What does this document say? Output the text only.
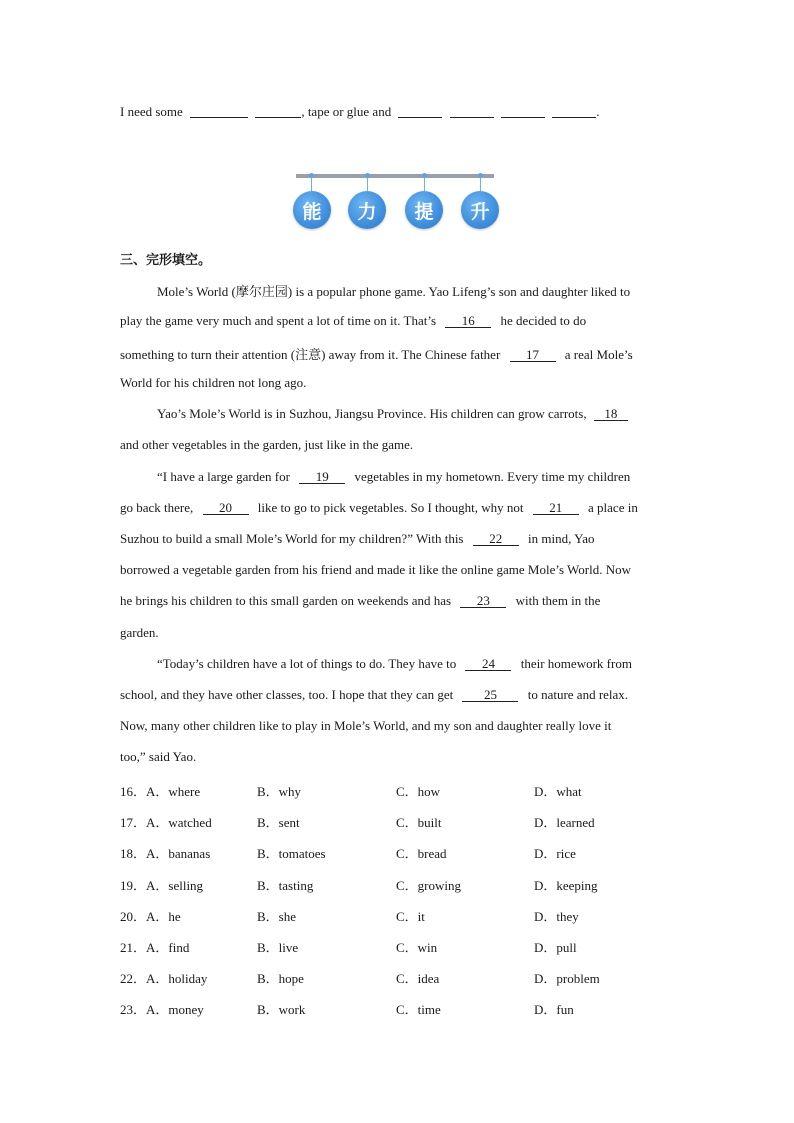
I need some	, tape or glue and	.
能	力	提	升
三、完形填空。
Mole’s World (摩尔庄园) is a popular phone game. Yao Lifeng’s son and daughter liked to
play the game very much and spent a lot of time on it. That’s 16 he decided to do
something to turn their attention (注意) away from it. The Chinese father 17 a real Mole’s
World for his children not long ago.
Yao’s Mole’s World is in Suzhou, Jiangsu Province. His children can grow carrots, 18
and other vegetables in the garden, just like in the game.
“I have a large garden for 19 vegetables in my hometown. Every time my children
go back there, 20 like to go to pick vegetables. So I thought, why not 21 a place in
Suzhou to build a small Mole’s World for my children?” With this 22 in mind, Yao
borrowed a vegetable garden from his friend and made it like the online game Mole’s World. Now
he brings his children to this small garden on weekends and has 23 with them in the
garden.
“Today’s children have a lot of things to do. They have to 24 their homework from
school, and they have other classes, too. I hope that they can get 25 to nature and relax.
Now, many other children like to play in Mole’s World, and my son and daughter really love it
too,” said Yao.
16． A．where	B．why	C．how	D．what
17． A．watched	B．sent	C．built	D．learned
18． A．bananas	B．tomatoes	C．bread	D．rice
19． A．selling	B．tasting	C．growing	D．keeping
20． A．he	B．she	C．it	D．they
21． A．find	B．live	C．win	D．pull
22． A．holiday	B．hope	C．idea	D．problem
23． A．money	B．work	C．time	D．fun
